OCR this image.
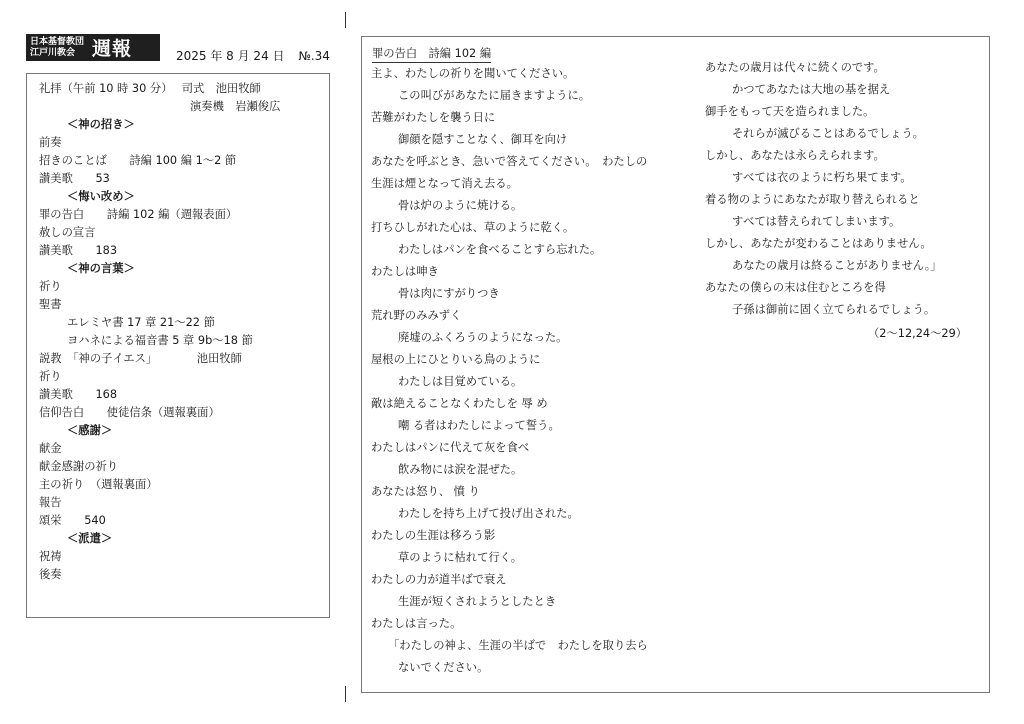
日本基督教団
江戸川教会 週報	2025 年 8 月 24 日 №.34
礼拝（午前 10 時 30 分）　 司式　池田牧師
演奏機　岩瀬俊広
＜神の招き＞
前奏
招きのことば　　詩編 100 編 1～2 節
讃美歌　　53
＜悔い改め＞
罪の告白　　詩編 102 編（週報表面）
赦しの宣言
讃美歌　　183
＜神の言葉＞
祈り
聖書
エレミヤ書 17 章 21～22 節
ヨハネによる福音書 5 章 9b～18 節
説教　「神の子イエス」　　　　池田牧師
祈り
讃美歌　　168
信仰告白　　使徒信条（週報裏面）
＜感謝＞
献金
献金感謝の祈り
主の祈り　（週報裏面）
報告
頌栄　　540
＜派遣＞
祝祷
後奏
罪の告白　詩編 102 編
主よ、わたしの祈りを聞いてください。
この叫びがあなたに届きますように。
苦難がわたしを襲う日に
御顔を隠すことなく、御耳を向け
あなたを呼ぶとき、急いで答えてください。　わたしの
生涯は煙となって消え去る。
骨は炉のように焼ける。
打ちひしがれた心は、草のように乾く。
わたしはパンを食べることすら忘れた。
わたしは呻き
骨は肉にすがりつき
荒れ野のみみずく
廃墟のふくろうのようになった。
屋根の上にひとりいる鳥のように
わたしは目覚めている。
敵は絶えることなくわたしを 辱 め
嘲 る者はわたしによって誓う。
わたしはパンに代えて灰を食べ
飲み物には涙を混ぜた。
あなたは怒り、 憤 り
わたしを持ち上げて投げ出された。
わたしの生涯は移ろう影
草のように枯れて行く。
わたしの力が道半ばで衰え
生涯が短くされようとしたとき
わたしは言った。
「わたしの神よ、生涯の半ばで　わたしを取り去ら
ないでください。
あなたの歳月は代々に続くのです。
かつてあなたは大地の基を据え
御手をもって天を造られました。
それらが滅びることはあるでしょう。
しかし、あなたは永らえられます。
すべては衣のように朽ち果てます。
着る物のようにあなたが取り替えられると
すべては替えられてしまいます。
しかし、あなたが変わることはありません。
あなたの歳月は終ることがありません。」
あなたの僕らの末は住むところを得
子孫は御前に固く立てられるでしょう。
（2～12,24～29）
